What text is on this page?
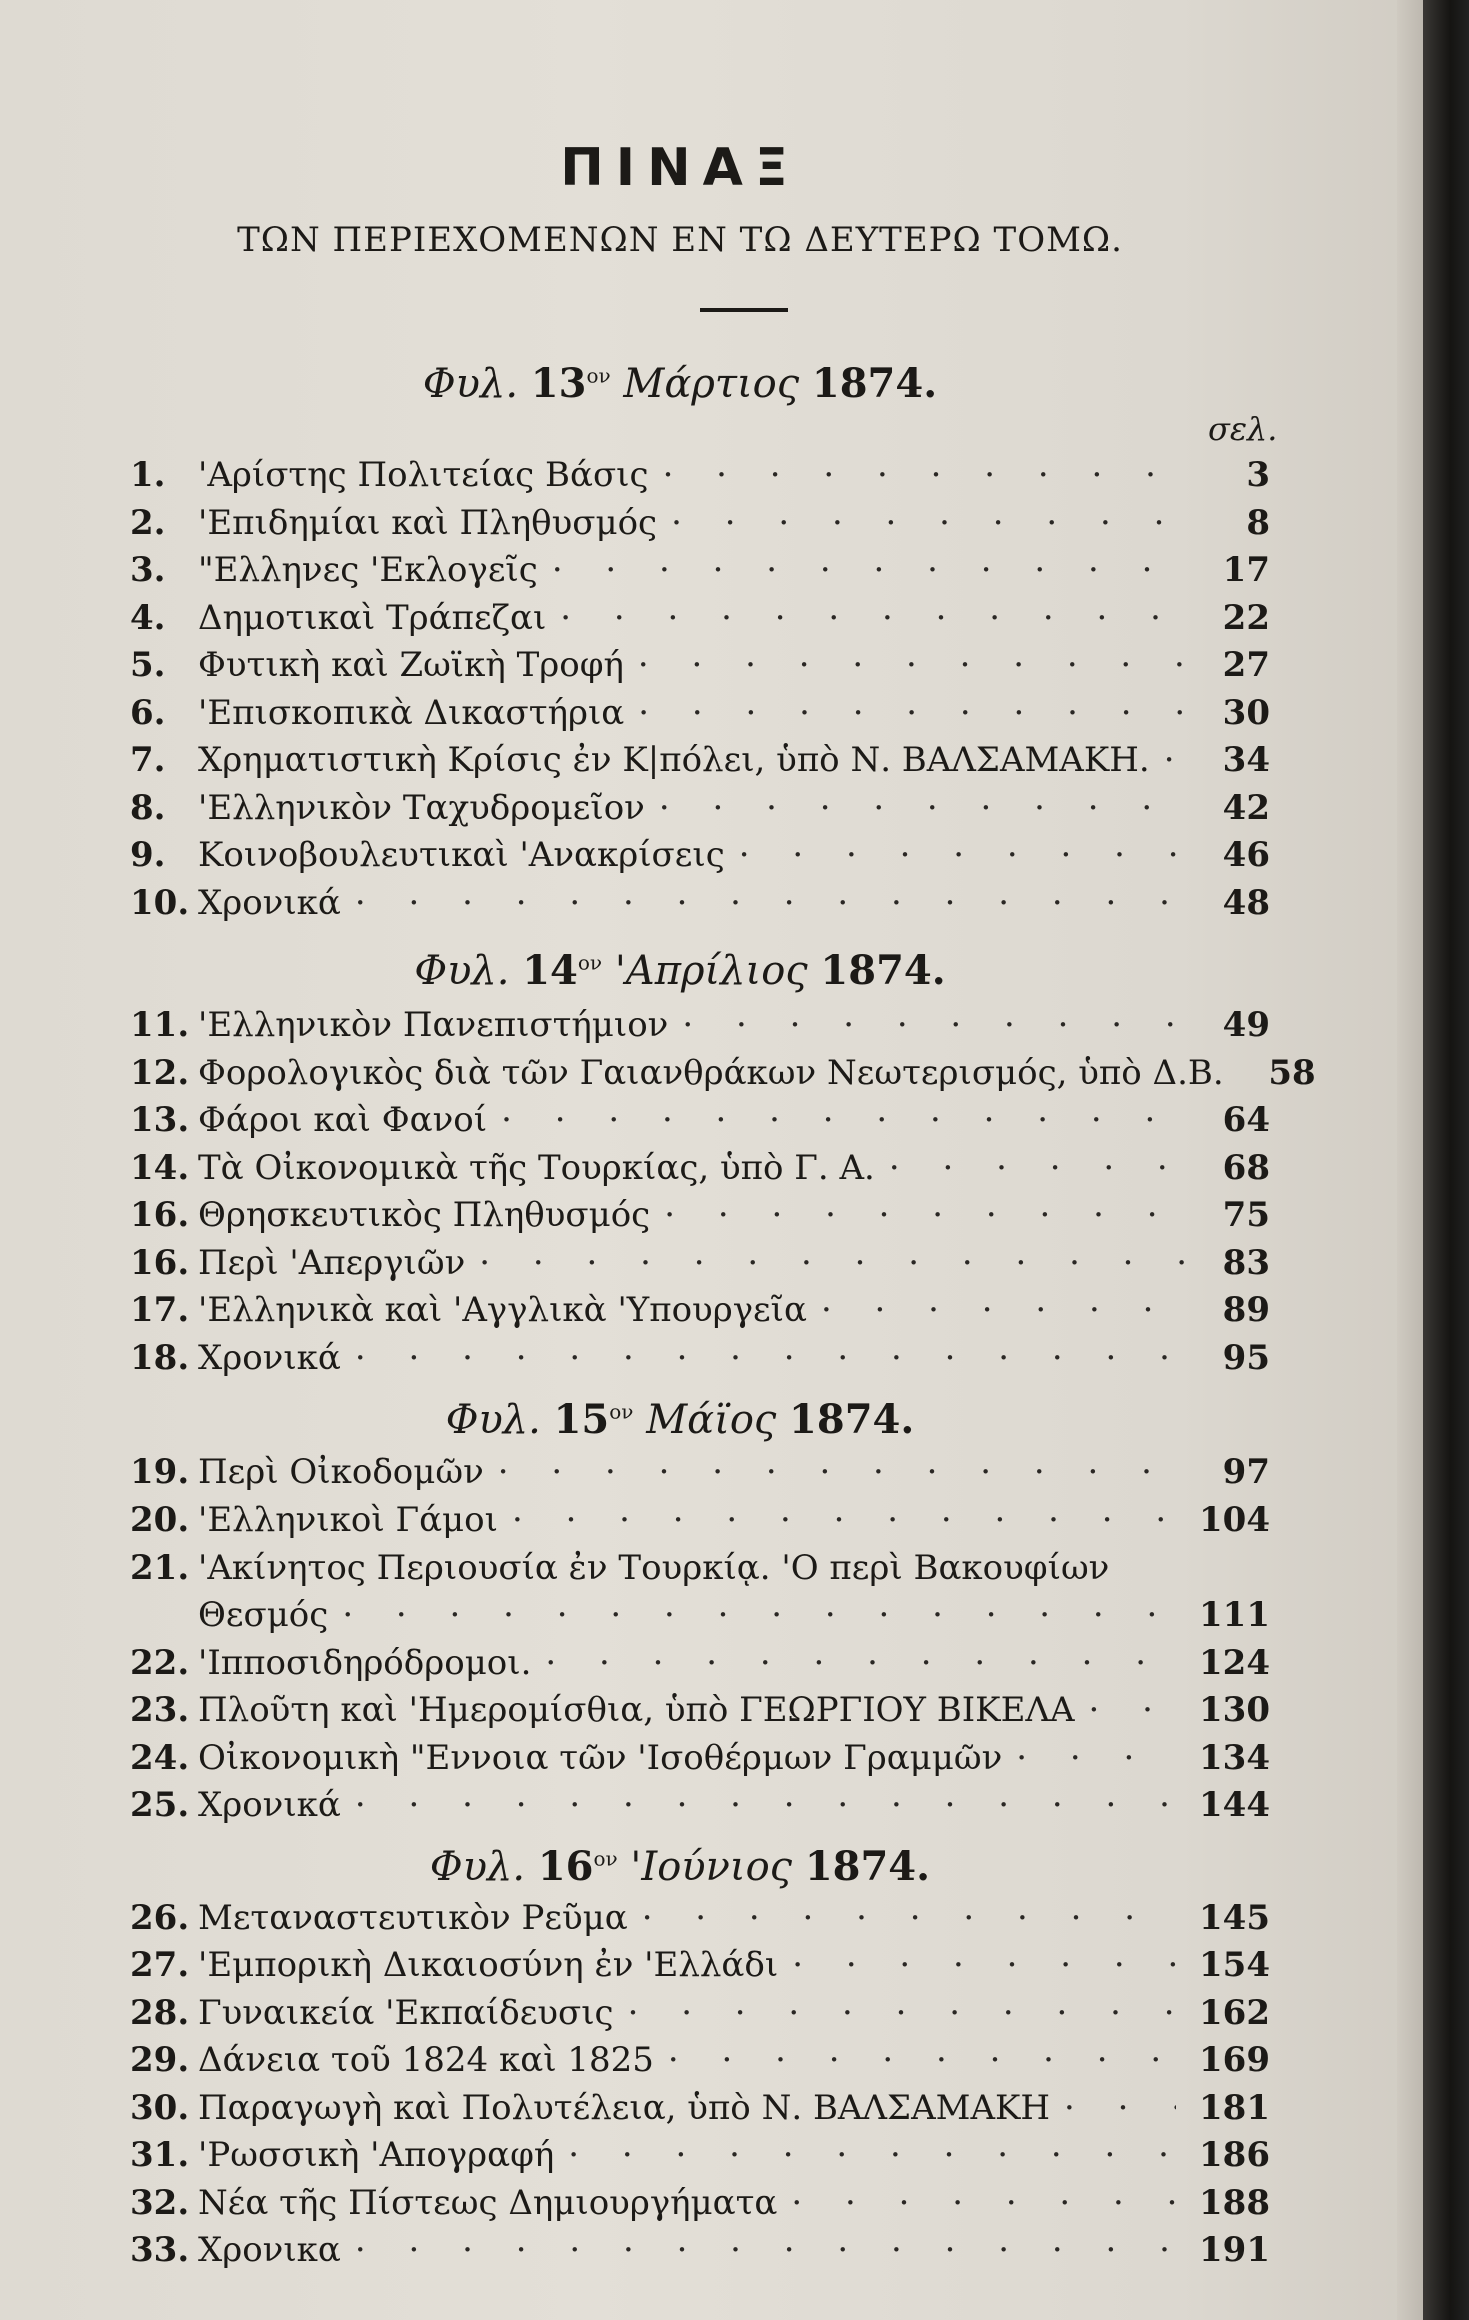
ΠΙΝΑΞ
ΤΩΝ ΠΕΡΙΕΧΟΜΕΝΩΝ ΕΝ ΤΩ ΔΕΥΤΕΡΩ ΤΟΜΩ.
σελ.
Φυλ. $13^{o\nu}$ Μάρτιος 1874.
Φυλ. $14^{o\nu}$ 'Απρίλιος 1874.
Φυλ. $15^{o\nu}$ Μάϊος 1874.
Φυλ. $16^{o\nu}$ 'Ιούνιος 1874.
1. 'Αρίστης Πολιτείας Βάσις · · ·	3
2. 'Επιδημίαι καὶ Πληθυσμός · · ·	8
3. "Ελληνες 'Εκλογεῖς · · ·	17
4. Δημοτικαὶ Τράπεζαι · · ·	22
5. Φυτικὴ καὶ Ζωϊκὴ Τροφή · · ·	27
6. 'Επισκοπικὰ Δικαστήρια · · ·	30
7. Χρηματιστικὴ Κρίσις ἐν Κ|πόλει, ὑπὸ Ν. ΒΑΛΣΑΜΑΚΗ. · · ·	34
8. 'Ελληνικὸν Ταχυδρομεῖον · · ·	42
9. Κοινοβουλευτικαὶ 'Ανακρίσεις · · ·	46
10. Χρονικά · · ·	48
11. 'Ελληνικὸν Πανεπιστήμιον · · ·	49
12. Φορολογικὸς διὰ τῶν Γαιανθράκων Νεωτερισμός, ὑπὸ Δ.Β.	58
13. Φάροι καὶ Φανοί · · ·	64
14. Τὰ Οἰκονομικὰ τῆς Τουρκίας, ὑπὸ Γ. Α. · · ·	68
16. Θρησκευτικὸς Πληθυσμός · · ·	75
16. Περὶ 'Απεργιῶν · · ·	83
17. 'Ελληνικὰ καὶ 'Αγγλικὰ 'Υπουργεῖα · · ·	89
18. Χρονικά · · ·	95
19. Περὶ Οἰκοδομῶν · · ·	97
20. 'Ελληνικοὶ Γάμοι · · ·	104
21. 'Ακίνητος Περιουσία ἐν Τουρκίᾳ. 'Ο περὶ Βακουφίων
Θεσμός · · ·	111
22. 'Ιπποσιδηρόδρομοι. · · ·	124
23. Πλοῦτη καὶ 'Ημερομίσθια, ὑπὸ ΓΕΩΡΓΙΟΥ ΒΙΚΕΛΑ · · ·	130
24. Οἰκονομικὴ "Εννοια τῶν 'Ισοθέρμων Γραμμῶν · · ·	134
25. Χρονικά · · ·	144
26. Μεταναστευτικὸν Ρεῦμα · · ·	145
27. 'Εμπορικὴ Δικαιοσύνη ἐν 'Ελλάδι · · ·	154
28. Γυναικεία 'Εκπαίδευσις · · ·	162
29. Δάνεια τοῦ 1824 καὶ 1825 · · ·	169
30. Παραγωγὴ καὶ Πολυτέλεια, ὑπὸ Ν. ΒΑΛΣΑΜΑΚΗ · · ·	181
31. 'Ρωσσικὴ 'Απογραφή · · ·	186
32. Νέα τῆς Πίστεως Δημιουργήματα · · ·	188
33. Χρονικα · · ·	191
